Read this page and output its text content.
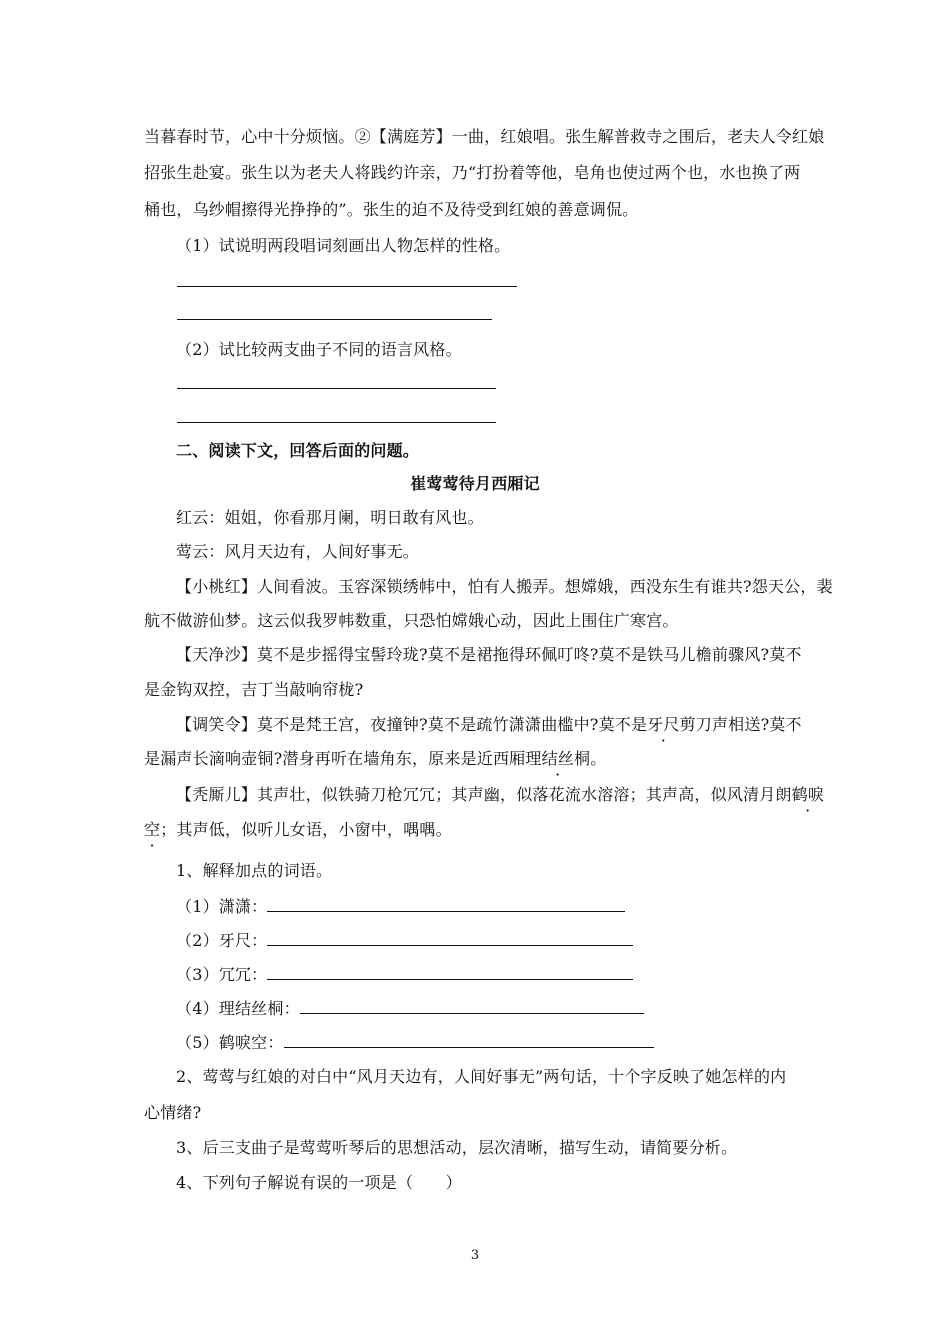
当暮春时节，心中十分烦恼。②【满庭芳】一曲，红娘唱。张生解普救寺之围后，老夫人令红娘
招张生赴宴。张生以为老夫人将践约许亲，乃“打扮着等他，皂角也使过两个也，水也换了两
桶也，乌纱帽擦得光挣挣的”。张生的迫不及待受到红娘的善意调侃。
（1）试说明两段唱词刻画出人物怎样的性格。
（2）试比较两支曲子不同的语言风格。
二、阅读下文，回答后面的问题。
崔莺莺待月西厢记
红云：姐姐，你看那月阑，明日敢有风也。
莺云：风月天边有，人间好事无。
【小桃红】人间看波。玉容深锁绣帏中，怕有人搬弄。想嫦娥，西没东生有谁共?怨天公，裴
航不做游仙梦。这云似我罗帏数重，只恐怕嫦娥心动，因此上围住广寒宫。
【天净沙】莫不是步摇得宝髻玲珑?莫不是裙拖得环佩叮咚?莫不是铁马儿檐前骤风?莫不
是金钩双控，吉丁当敲响帘栊?
【调笑令】莫不是梵王宫，夜撞钟?莫不是疏竹潇潇曲槛中?莫不是牙尺剪刀声相送?莫不
是漏声长滴响壶铜?潜身再听在墙角东，原来是近西厢理结丝桐。
【秃厮儿】其声壮，似铁骑刀枪冗冗；其声幽，似落花流水溶溶；其声高，似风清月朗鹤唳
空；其声低，似听儿女语，小窗中，喁喁。
1、解释加点的词语。
（1）潇潇：
（2）牙尺：
（3）冗冗：
（4）理结丝桐：
（5）鹤唳空：
2、莺莺与红娘的对白中“风月天边有，人间好事无”两句话，十个字反映了她怎样的内
心情绪?
3、后三支曲子是莺莺听琴后的思想活动，层次清晰，描写生动，请简要分析。
4、下列句子解说有误的一项是（　　）
3
